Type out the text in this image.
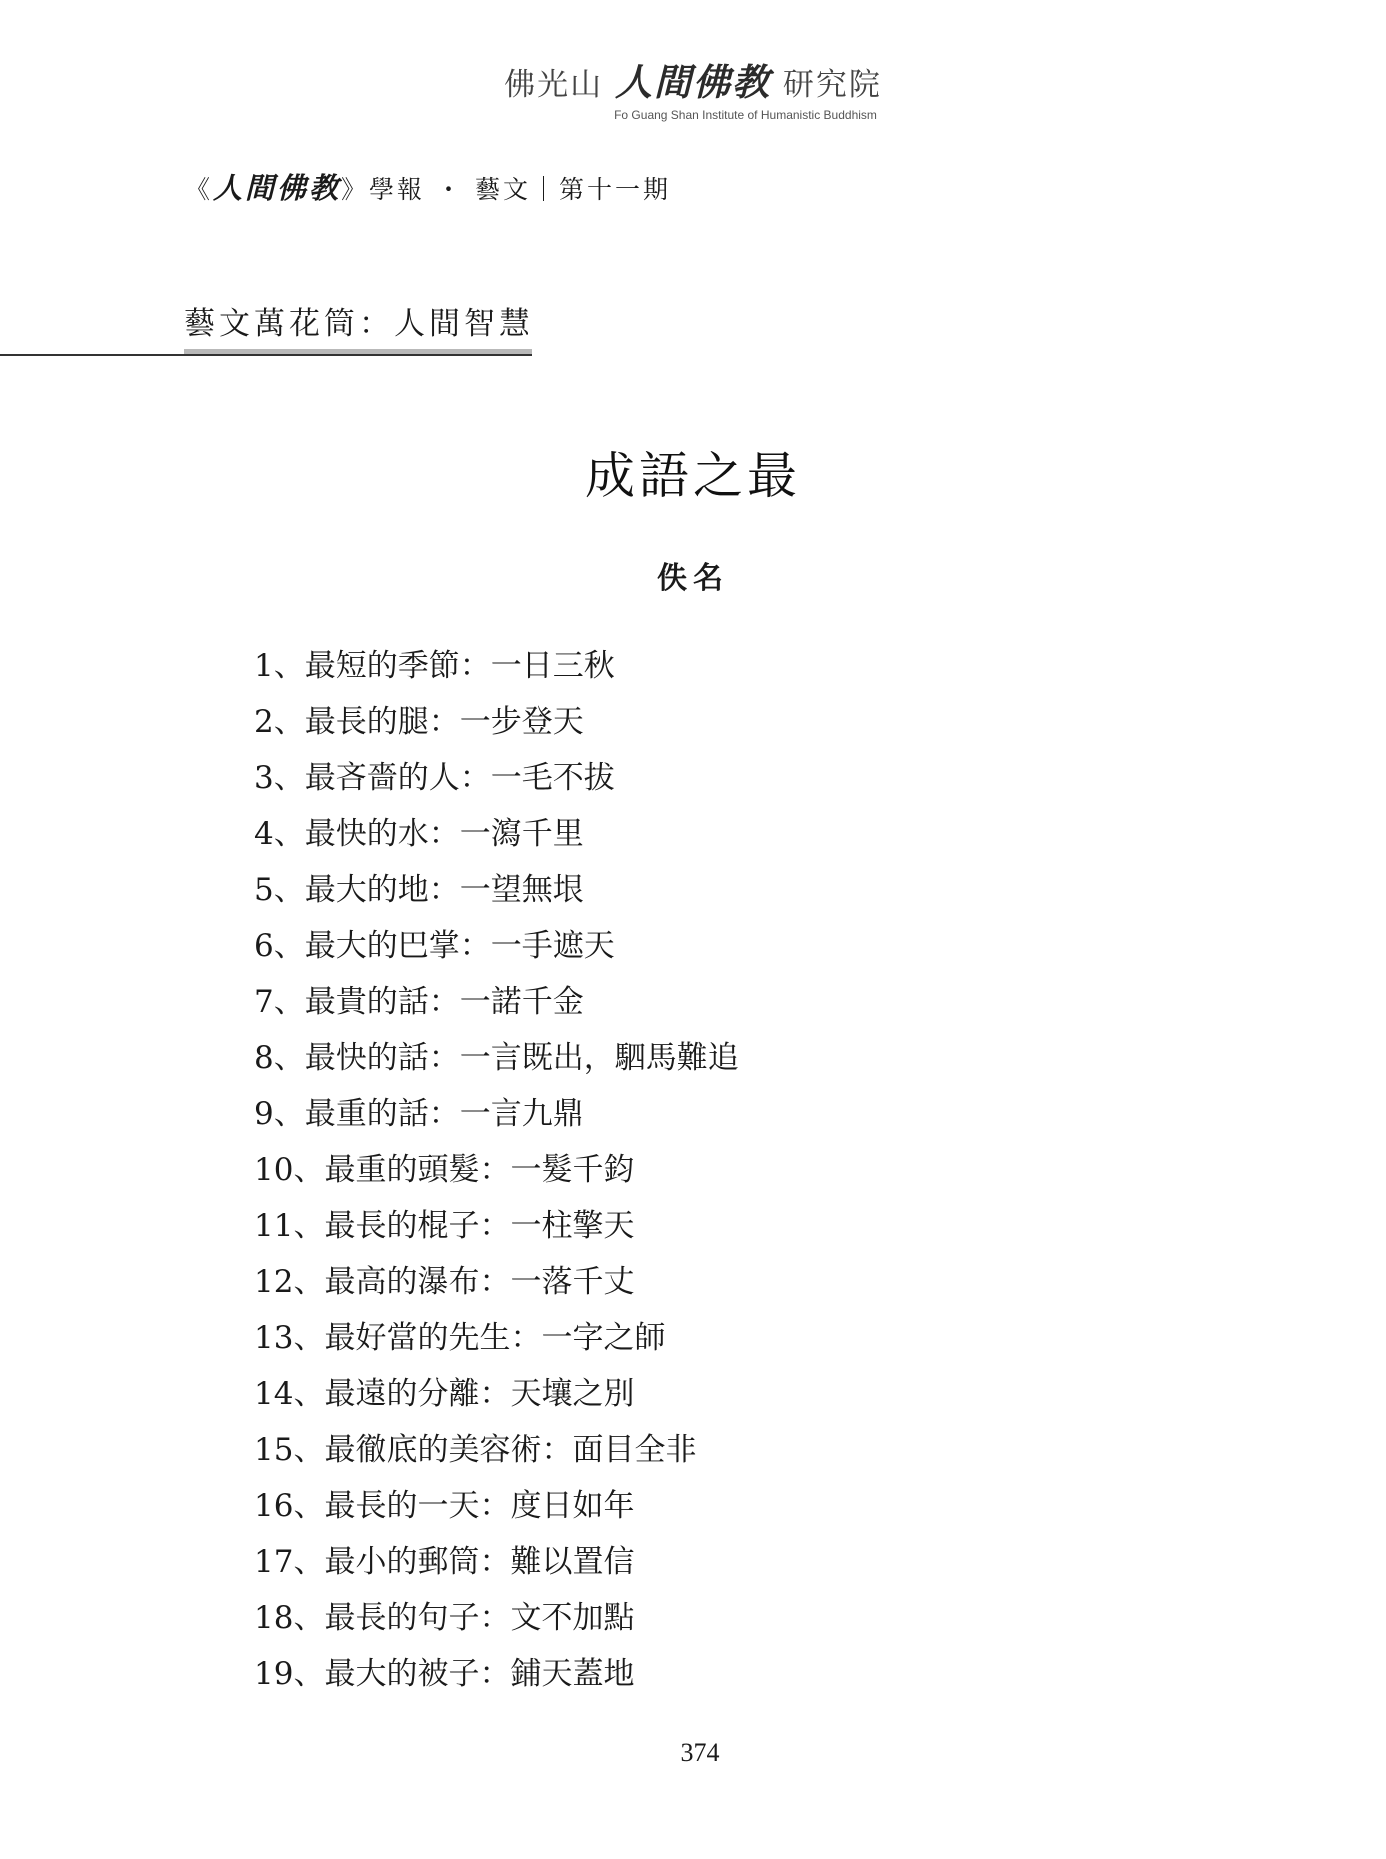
佛光山 人間佛教 研究院
Fo Guang Shan Institute of Humanistic Buddhism
《人間佛教》學報 ・ 藝文｜第十一期
藝文萬花筒：人間智慧
成語之最
佚名
1、最短的季節：一日三秋
2、最長的腿：一步登天
3、最吝嗇的人：一毛不拔
4、最快的水：一瀉千里
5、最大的地：一望無垠
6、最大的巴掌：一手遮天
7、最貴的話：一諾千金
8、最快的話：一言既出，駟馬難追
9、最重的話：一言九鼎
10、最重的頭髮：一髮千鈞
11、最長的棍子：一柱擎天
12、最高的瀑布：一落千丈
13、最好當的先生：一字之師
14、最遠的分離：天壤之別
15、最徹底的美容術：面目全非
16、最長的一天：度日如年
17、最小的郵筒：難以置信
18、最長的句子：文不加點
19、最大的被子：鋪天蓋地
374
